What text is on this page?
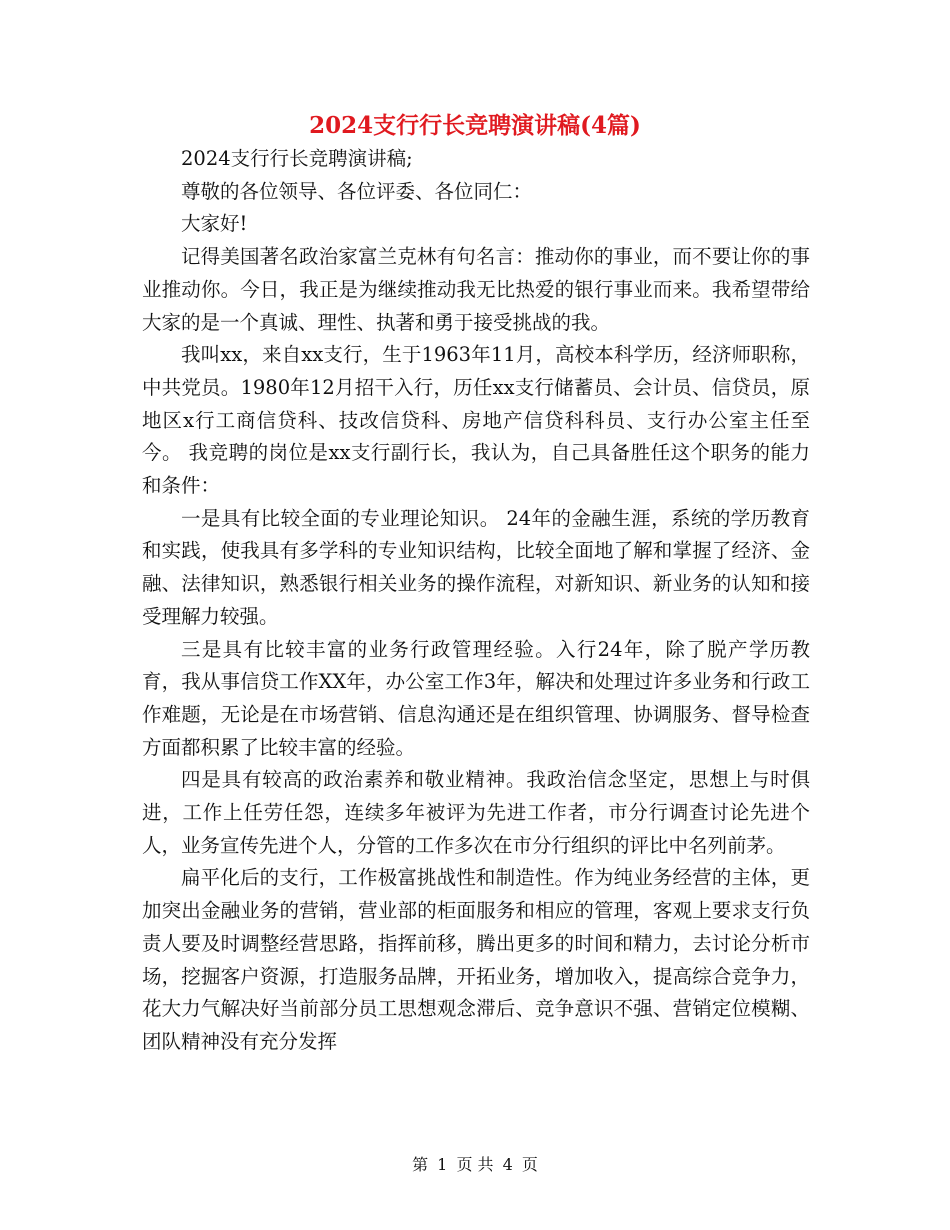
2024支行行长竞聘演讲稿(4篇)

2024支行行长竞聘演讲稿;

尊敬的各位领导、各位评委、各位同仁：

大家好!

记得美国著名政治家富兰克林有句名言：推动你的事业，而不要让你的事业推动你。今日，我正是为继续推动我无比热爱的银行事业而来。我希望带给大家的是一个真诚、理性、执著和勇于接受挑战的我。

我叫xx，来自xx支行，生于1963年11月，高校本科学历，经济师职称，中共党员。1980年12月招干入行，历任xx支行储蓄员、会计员、信贷员，原地区x行工商信贷科、技改信贷科、房地产信贷科科员、支行办公室主任至今。 我竞聘的岗位是xx支行副行长，我认为，自己具备胜任这个职务的能力和条件：

一是具有比较全面的专业理论知识。 24年的金融生涯，系统的学历教育和实践，使我具有多学科的专业知识结构，比较全面地了解和掌握了经济、金融、法律知识，熟悉银行相关业务的操作流程，对新知识、新业务的认知和接受理解力较强。

三是具有比较丰富的业务行政管理经验。入行24年，除了脱产学历教育，我从事信贷工作XX年，办公室工作3年，解决和处理过许多业务和行政工作难题，无论是在市场营销、信息沟通还是在组织管理、协调服务、督导检查方面都积累了比较丰富的经验。

四是具有较高的政治素养和敬业精神。我政治信念坚定，思想上与时俱进，工作上任劳任怨，连续多年被评为先进工作者，市分行调查讨论先进个人，业务宣传先进个人，分管的工作多次在市分行组织的评比中名列前茅。

扁平化后的支行，工作极富挑战性和制造性。作为纯业务经营的主体，更加突出金融业务的营销，营业部的柜面服务和相应的管理，客观上要求支行负责人要及时调整经营思路，指挥前移，腾出更多的时间和精力，去讨论分析市场，挖掘客户资源，打造服务品牌，开拓业务，增加收入，提高综合竞争力，花大力气解决好当前部分员工思想观念滞后、竞争意识不强、营销定位模糊、团队精神没有充分发挥

第 1 页 共 4 页
